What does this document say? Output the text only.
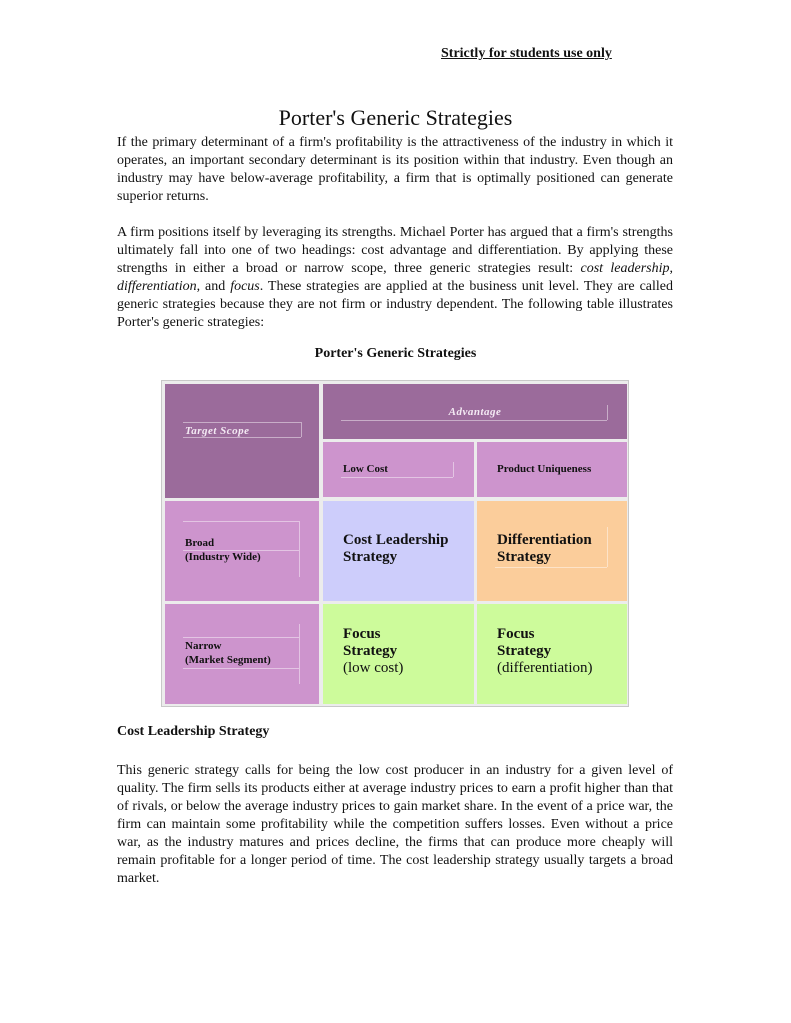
Strictly for students use only
Porter's Generic Strategies

If the primary determinant of a firm's profitability is the attractiveness of the industry in which it operates, an important secondary determinant is its position within that industry. Even though an industry may have below-average profitability, a firm that is optimally positioned can generate superior returns.

A firm positions itself by leveraging its strengths. Michael Porter has argued that a firm's strengths ultimately fall into one of two headings: cost advantage and differentiation. By applying these strengths in either a broad or narrow scope, three generic strategies result: cost leadership, differentiation, and focus. These strategies are applied at the business unit level. They are called generic strategies because they are not firm or industry dependent. The following table illustrates Porter's generic strategies:

Porter's Generic Strategies
Target Scope
Advantage
Low Cost	Product Uniqueness
Broad
(Industry Wide)
Cost Leadership
Strategy
Differentiation
Strategy
Narrow
(Market Segment)
Focus
Strategy
(low cost)
Focus
Strategy
(differentiation)
Cost Leadership Strategy

This generic strategy calls for being the low cost producer in an industry for a given level of quality. The firm sells its products either at average industry prices to earn a profit higher than that of rivals, or below the average industry prices to gain market share. In the event of a price war, the firm can maintain some profitability while the competition suffers losses. Even without a price war, as the industry matures and prices decline, the firms that can produce more cheaply will remain profitable for a longer period of time. The cost leadership strategy usually targets a broad market.
